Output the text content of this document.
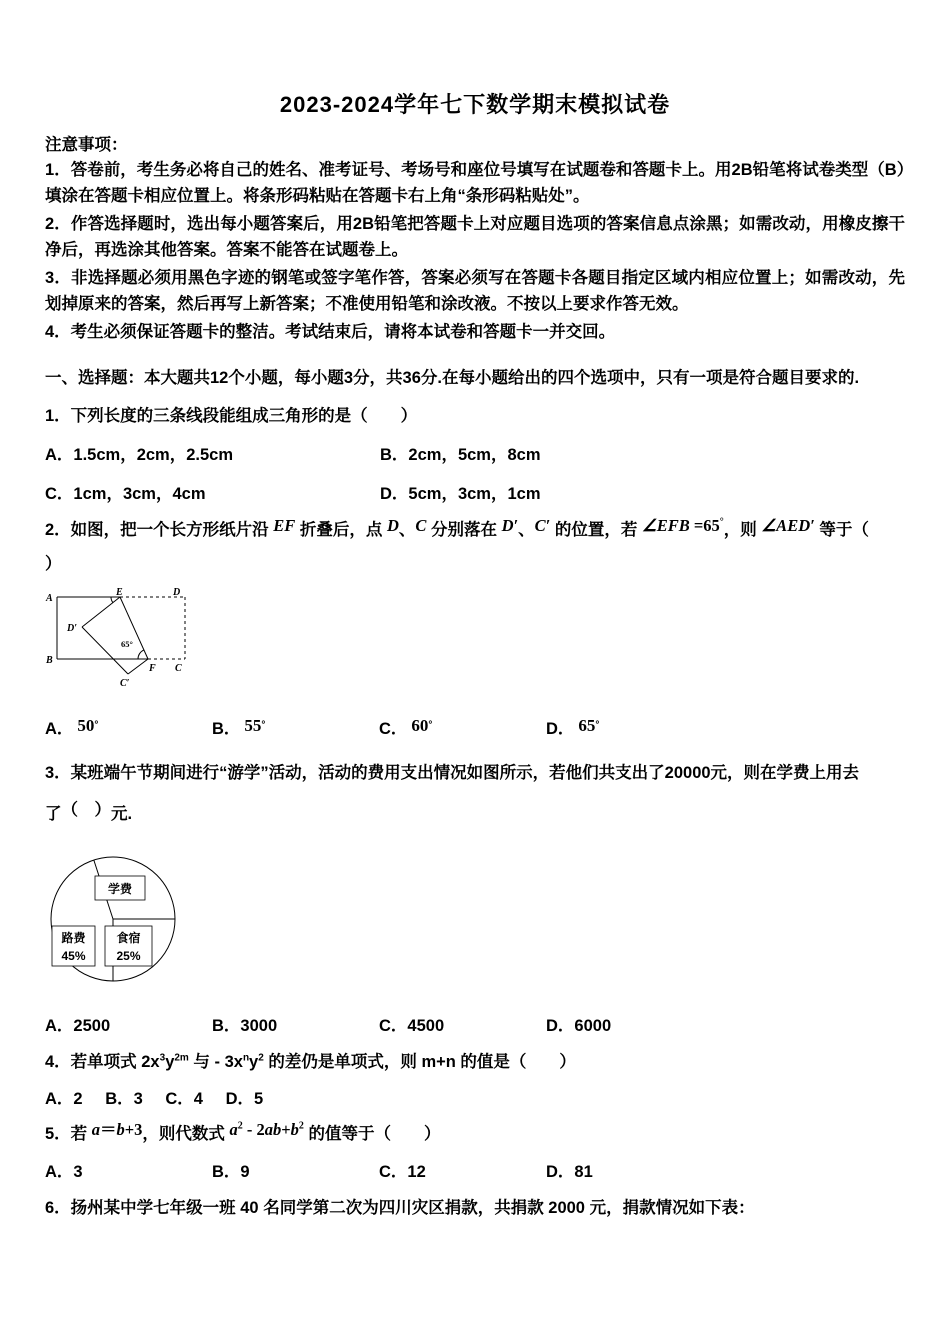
2023-2024学年七下数学期末模拟试卷

注意事项：

1．答卷前，考生务必将自己的姓名、准考证号、考场号和座位号填写在试题卷和答题卡上。用2B铅笔将试卷类型（B）填涂在答题卡相应位置上。将条形码粘贴在答题卡右上角“条形码粘贴处”。

2．作答选择题时，选出每小题答案后，用2B铅笔把答题卡上对应题目选项的答案信息点涂黑；如需改动，用橡皮擦干净后，再选涂其他答案。答案不能答在试题卷上。

3．非选择题必须用黑色字迹的钢笔或签字笔作答，答案必须写在答题卡各题目指定区域内相应位置上；如需改动，先划掉原来的答案，然后再写上新答案；不准使用铅笔和涂改液。不按以上要求作答无效。

4．考生必须保证答题卡的整洁。考试结束后，请将本试卷和答题卡一并交回。

一、选择题：本大题共12个小题，每小题3分，共36分.在每小题给出的四个选项中，只有一项是符合题目要求的.

1．下列长度的三条线段能组成三角形的是（　　）

A．1.5cm，2cm，2.5cm	B．2cm，5cm，8cm
C．1cm，3cm，4cm	D．5cm，3cm，1cm

2．如图，把一个长方形纸片沿 EF 折叠后，点 D、C 分别落在 D′、C′ 的位置，若 ∠EFB =65°，则 ∠AED′ 等于（

）

A
E	D
B
C
F
C′
D′
65°
A． 50°	B． 55°	C． 60°	D． 65°

3．某班端午节期间进行“游学”活动，活动的费用支出情况如图所示，若他们共支出了20000元，则在学费上用去

了（　）元.

学费
路费
45%
食宿
25%
A．2500	B．3000	C．4500	D．6000

4．若单项式 $2x^3y^{2m}$ 与 - $3x^ny^2$ 的差仍是单项式，则 m+n 的值是（　　）

A．2 B．3 C．4 D．5

5．若 a＝b+3，则代数式 $a^2 - 2ab+b^2$ 的值等于（　　）

A．3	B．9	C．12	D．81

6．扬州某中学七年级一班 40 名同学第二次为四川灾区捐款，共捐款 2000 元，捐款情况如下表：
